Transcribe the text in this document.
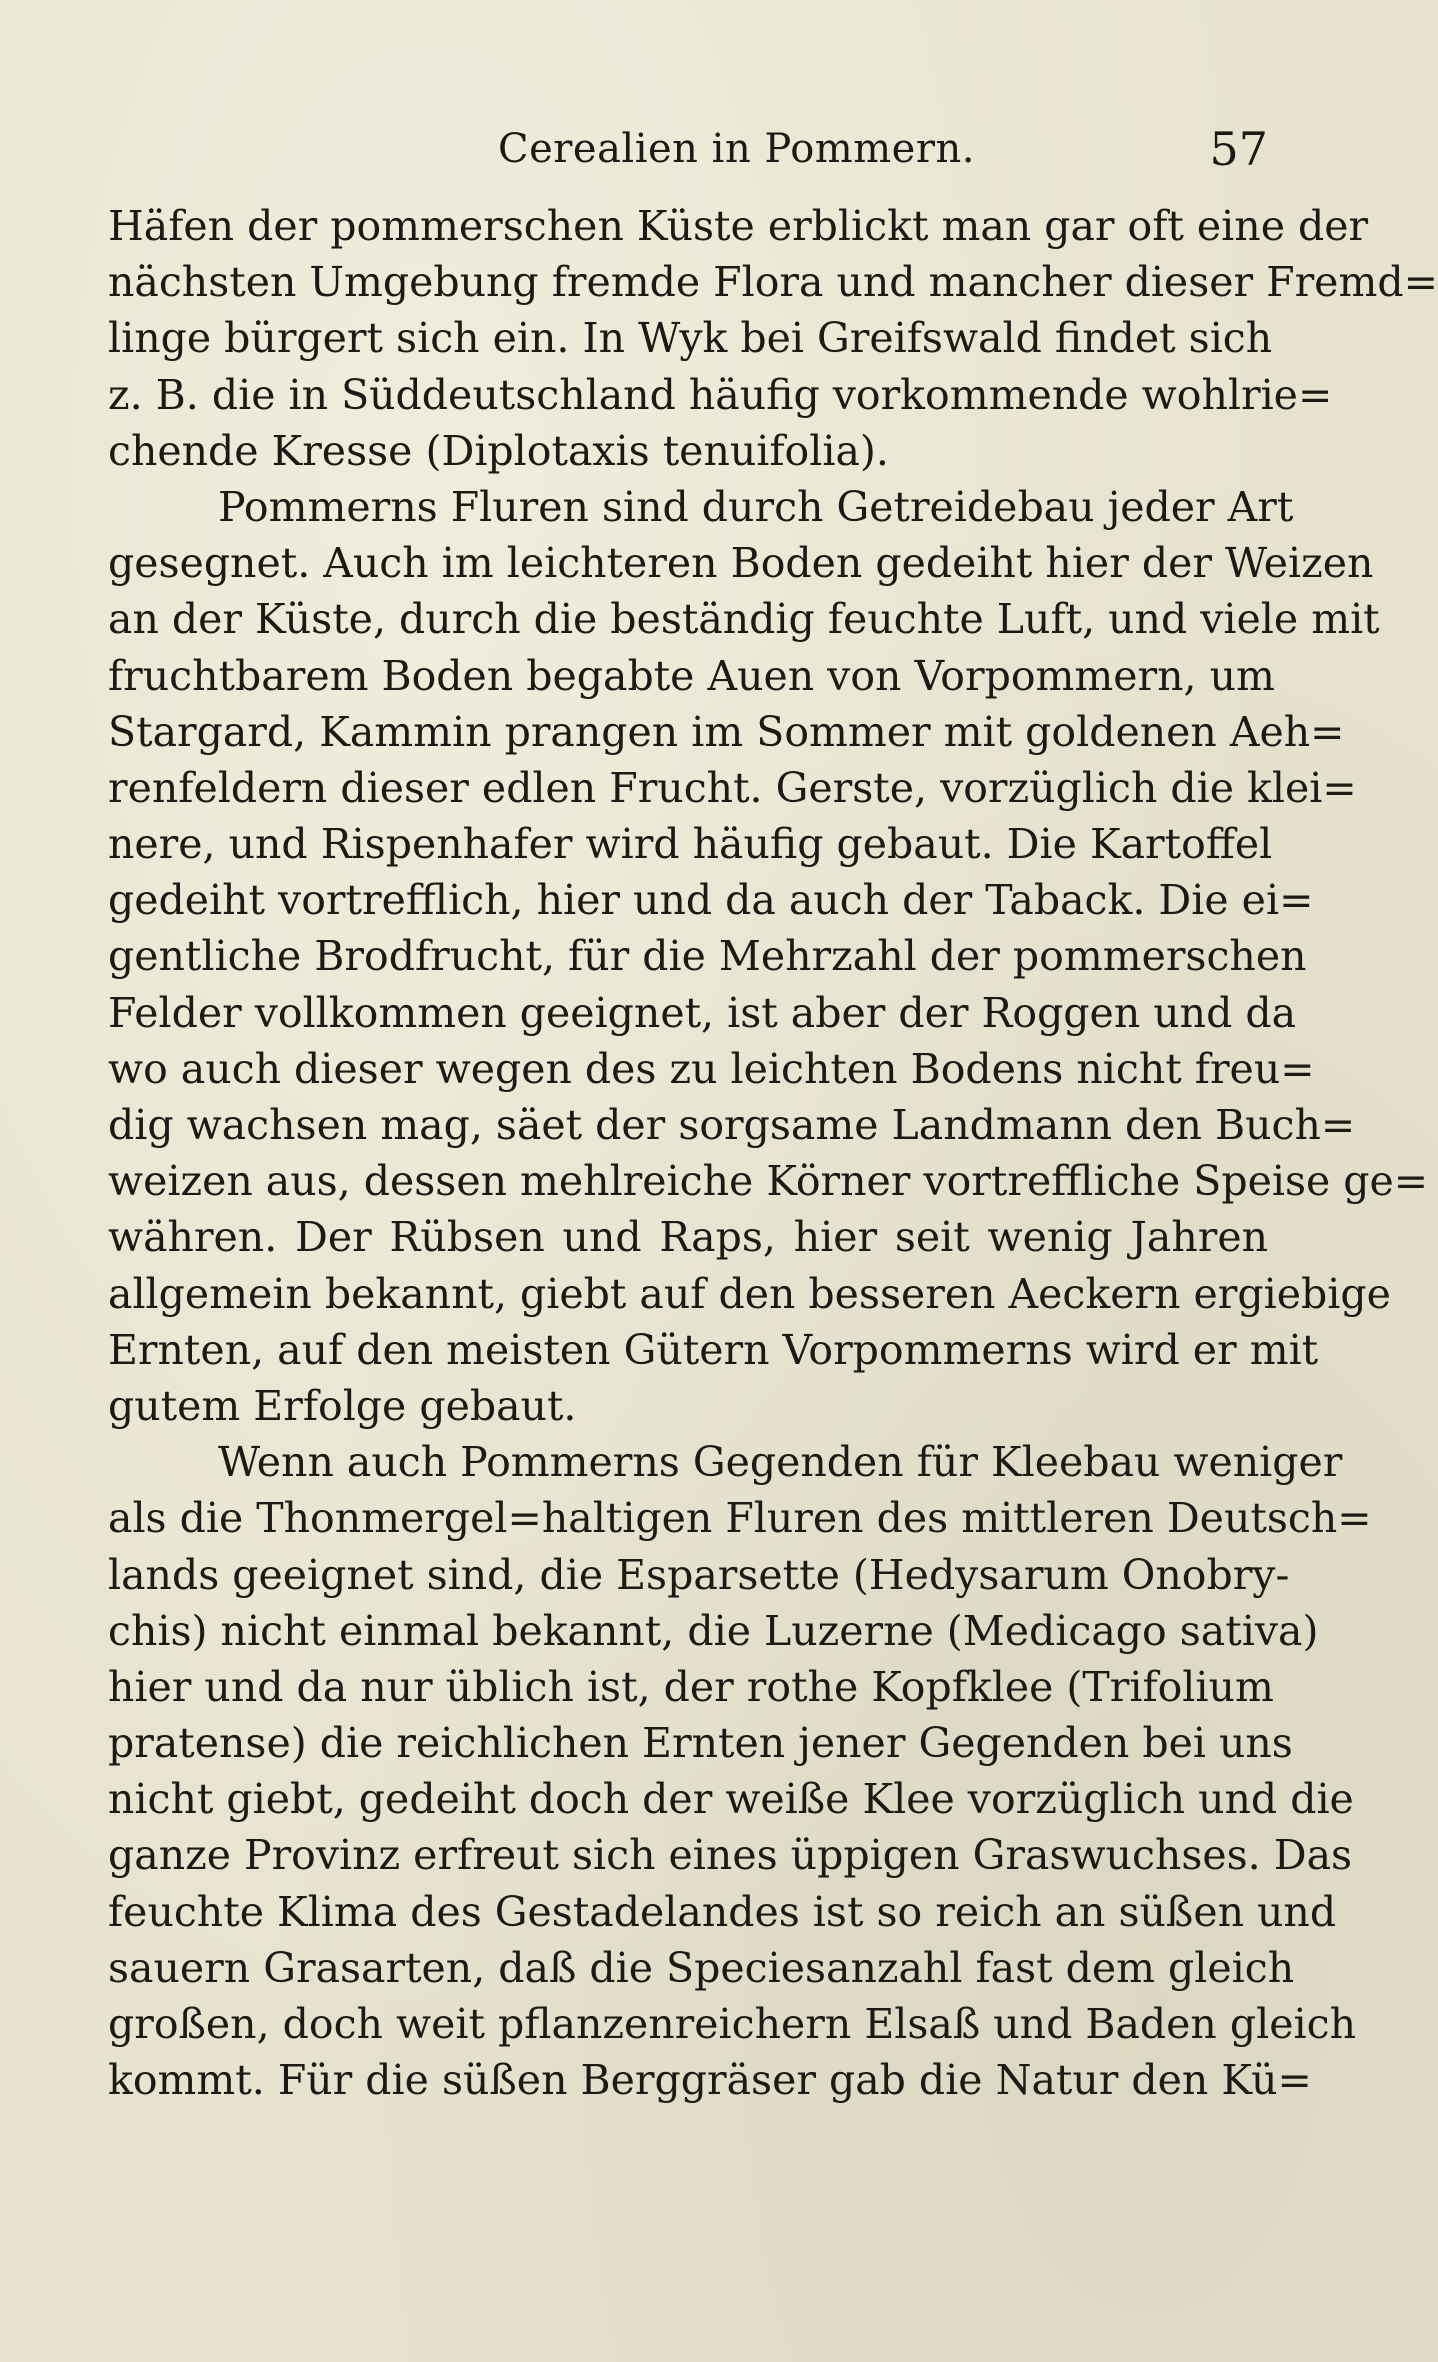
Cerealien in Pommern.	57
Häfen der pommerschen Küste erblickt man gar oft eine der
nächsten Umgebung fremde Flora und mancher dieser Fremd=
linge bürgert sich ein. In Wyk bei Greifswald findet sich
z. B. die in Süddeutschland häufig vorkommende wohlrie=
chende Kresse (Diplotaxis tenuifolia).
Pommerns Fluren sind durch Getreidebau jeder Art
gesegnet. Auch im leichteren Boden gedeiht hier der Weizen
an der Küste, durch die beständig feuchte Luft, und viele mit
fruchtbarem Boden begabte Auen von Vorpommern, um
Stargard, Kammin prangen im Sommer mit goldenen Aeh=
renfeldern dieser edlen Frucht. Gerste, vorzüglich die klei=
nere, und Rispenhafer wird häufig gebaut. Die Kartoffel
gedeiht vortrefflich, hier und da auch der Taback. Die ei=
gentliche Brodfrucht, für die Mehrzahl der pommerschen
Felder vollkommen geeignet, ist aber der Roggen und da
wo auch dieser wegen des zu leichten Bodens nicht freu=
dig wachsen mag, säet der sorgsame Landmann den Buch=
weizen aus, dessen mehlreiche Körner vortreffliche Speise ge=
währen. Der Rübsen und Raps, hier seit wenig Jahren
allgemein bekannt, giebt auf den besseren Aeckern ergiebige
Ernten, auf den meisten Gütern Vorpommerns wird er mit
gutem Erfolge gebaut.
Wenn auch Pommerns Gegenden für Kleebau weniger
als die Thonmergel=haltigen Fluren des mittleren Deutsch=
lands geeignet sind, die Esparsette (Hedysarum Onobry-
chis) nicht einmal bekannt, die Luzerne (Medicago sativa)
hier und da nur üblich ist, der rothe Kopfklee (Trifolium
pratense) die reichlichen Ernten jener Gegenden bei uns
nicht giebt, gedeiht doch der weiße Klee vorzüglich und die
ganze Provinz erfreut sich eines üppigen Graswuchses. Das
feuchte Klima des Gestadelandes ist so reich an süßen und
sauern Grasarten, daß die Speciesanzahl fast dem gleich
großen, doch weit pflanzenreichern Elsaß und Baden gleich
kommt. Für die süßen Berggräser gab die Natur den Kü=
